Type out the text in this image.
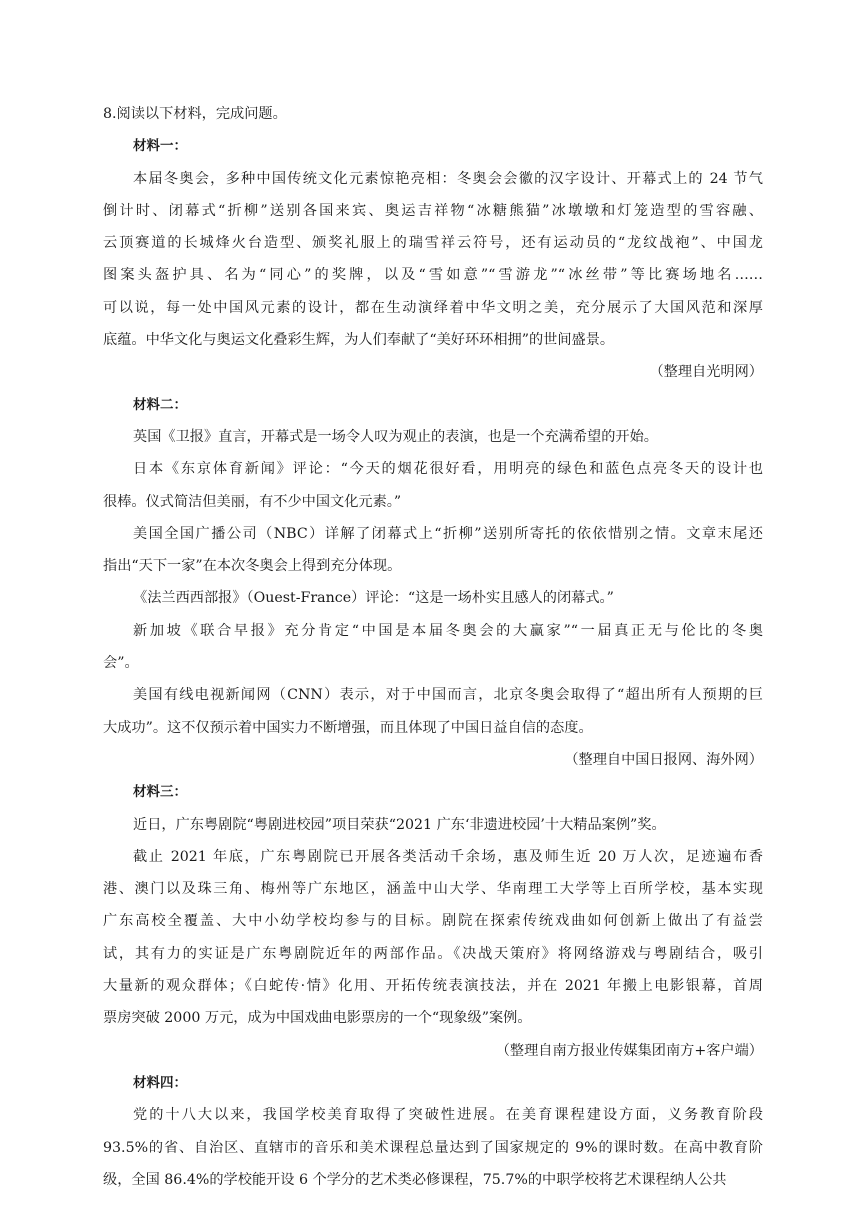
8.阅读以下材料，完成问题。
材料一：
本届冬奥会，多种中国传统文化元素惊艳亮相：冬奥会会徽的汉字设计、开幕式上的 24 节气
倒计时、闭幕式“折柳”送别各国来宾、奥运吉祥物“冰糖熊猫”冰墩墩和灯笼造型的雪容融、
云顶赛道的长城烽火台造型、颁奖礼服上的瑞雪祥云符号，还有运动员的“龙纹战袍”、中国龙
图案头盔护具、名为“同心”的奖牌，以及“雪如意”“雪游龙”“冰丝带”等比赛场地名……
可以说，每一处中国风元素的设计，都在生动演绎着中华文明之美，充分展示了大国风范和深厚
底蕴。中华文化与奥运文化叠彩生辉，为人们奉献了“美好环环相拥”的世间盛景。
（整理自光明网）
材料二：
英国《卫报》直言，开幕式是一场令人叹为观止的表演，也是一个充满希望的开始。
日本《东京体育新闻》评论：“今天的烟花很好看，用明亮的绿色和蓝色点亮冬天的设计也
很棒。仪式简洁但美丽，有不少中国文化元素。”
美国全国广播公司（NBC）详解了闭幕式上“折柳”送别所寄托的依依惜别之情。文章末尾还
指出“天下一家”在本次冬奥会上得到充分体现。
《法兰西西部报》（Ouest-France）评论：“这是一场朴实且感人的闭幕式。”
新加坡《联合早报》充分肯定“中国是本届冬奥会的大赢家”“一届真正无与伦比的冬奥
会”。
美国有线电视新闻网（CNN）表示，对于中国而言，北京冬奥会取得了“超出所有人预期的巨
大成功”。这不仅预示着中国实力不断增强，而且体现了中国日益自信的态度。
（整理自中国日报网、海外网）
材料三：
近日，广东粤剧院“粤剧进校园”项目荣获“2021 广东‘非遗进校园’十大精品案例”奖。
截止 2021 年底，广东粤剧院已开展各类活动千余场，惠及师生近 20 万人次，足迹遍布香
港、澳门以及珠三角、梅州等广东地区，涵盖中山大学、华南理工大学等上百所学校，基本实现
广东高校全覆盖、大中小幼学校均参与的目标。剧院在探索传统戏曲如何创新上做出了有益尝
试，其有力的实证是广东粤剧院近年的两部作品。《决战天策府》将网络游戏与粤剧结合，吸引
大量新的观众群体；《白蛇传·情》化用、开拓传统表演技法，并在 2021 年搬上电影银幕，首周
票房突破 2000 万元，成为中国戏曲电影票房的一个“现象级”案例。
（整理自南方报业传媒集团南方+客户端）
材料四：
党的十八大以来，我国学校美育取得了突破性进展。在美育课程建设方面，义务教育阶段
93.5%的省、自治区、直辖市的音乐和美术课程总量达到了国家规定的 9%的课时数。在高中教育阶
级，全国 86.4%的学校能开设 6 个学分的艺术类必修课程，75.7%的中职学校将艺术课程纳人公共
